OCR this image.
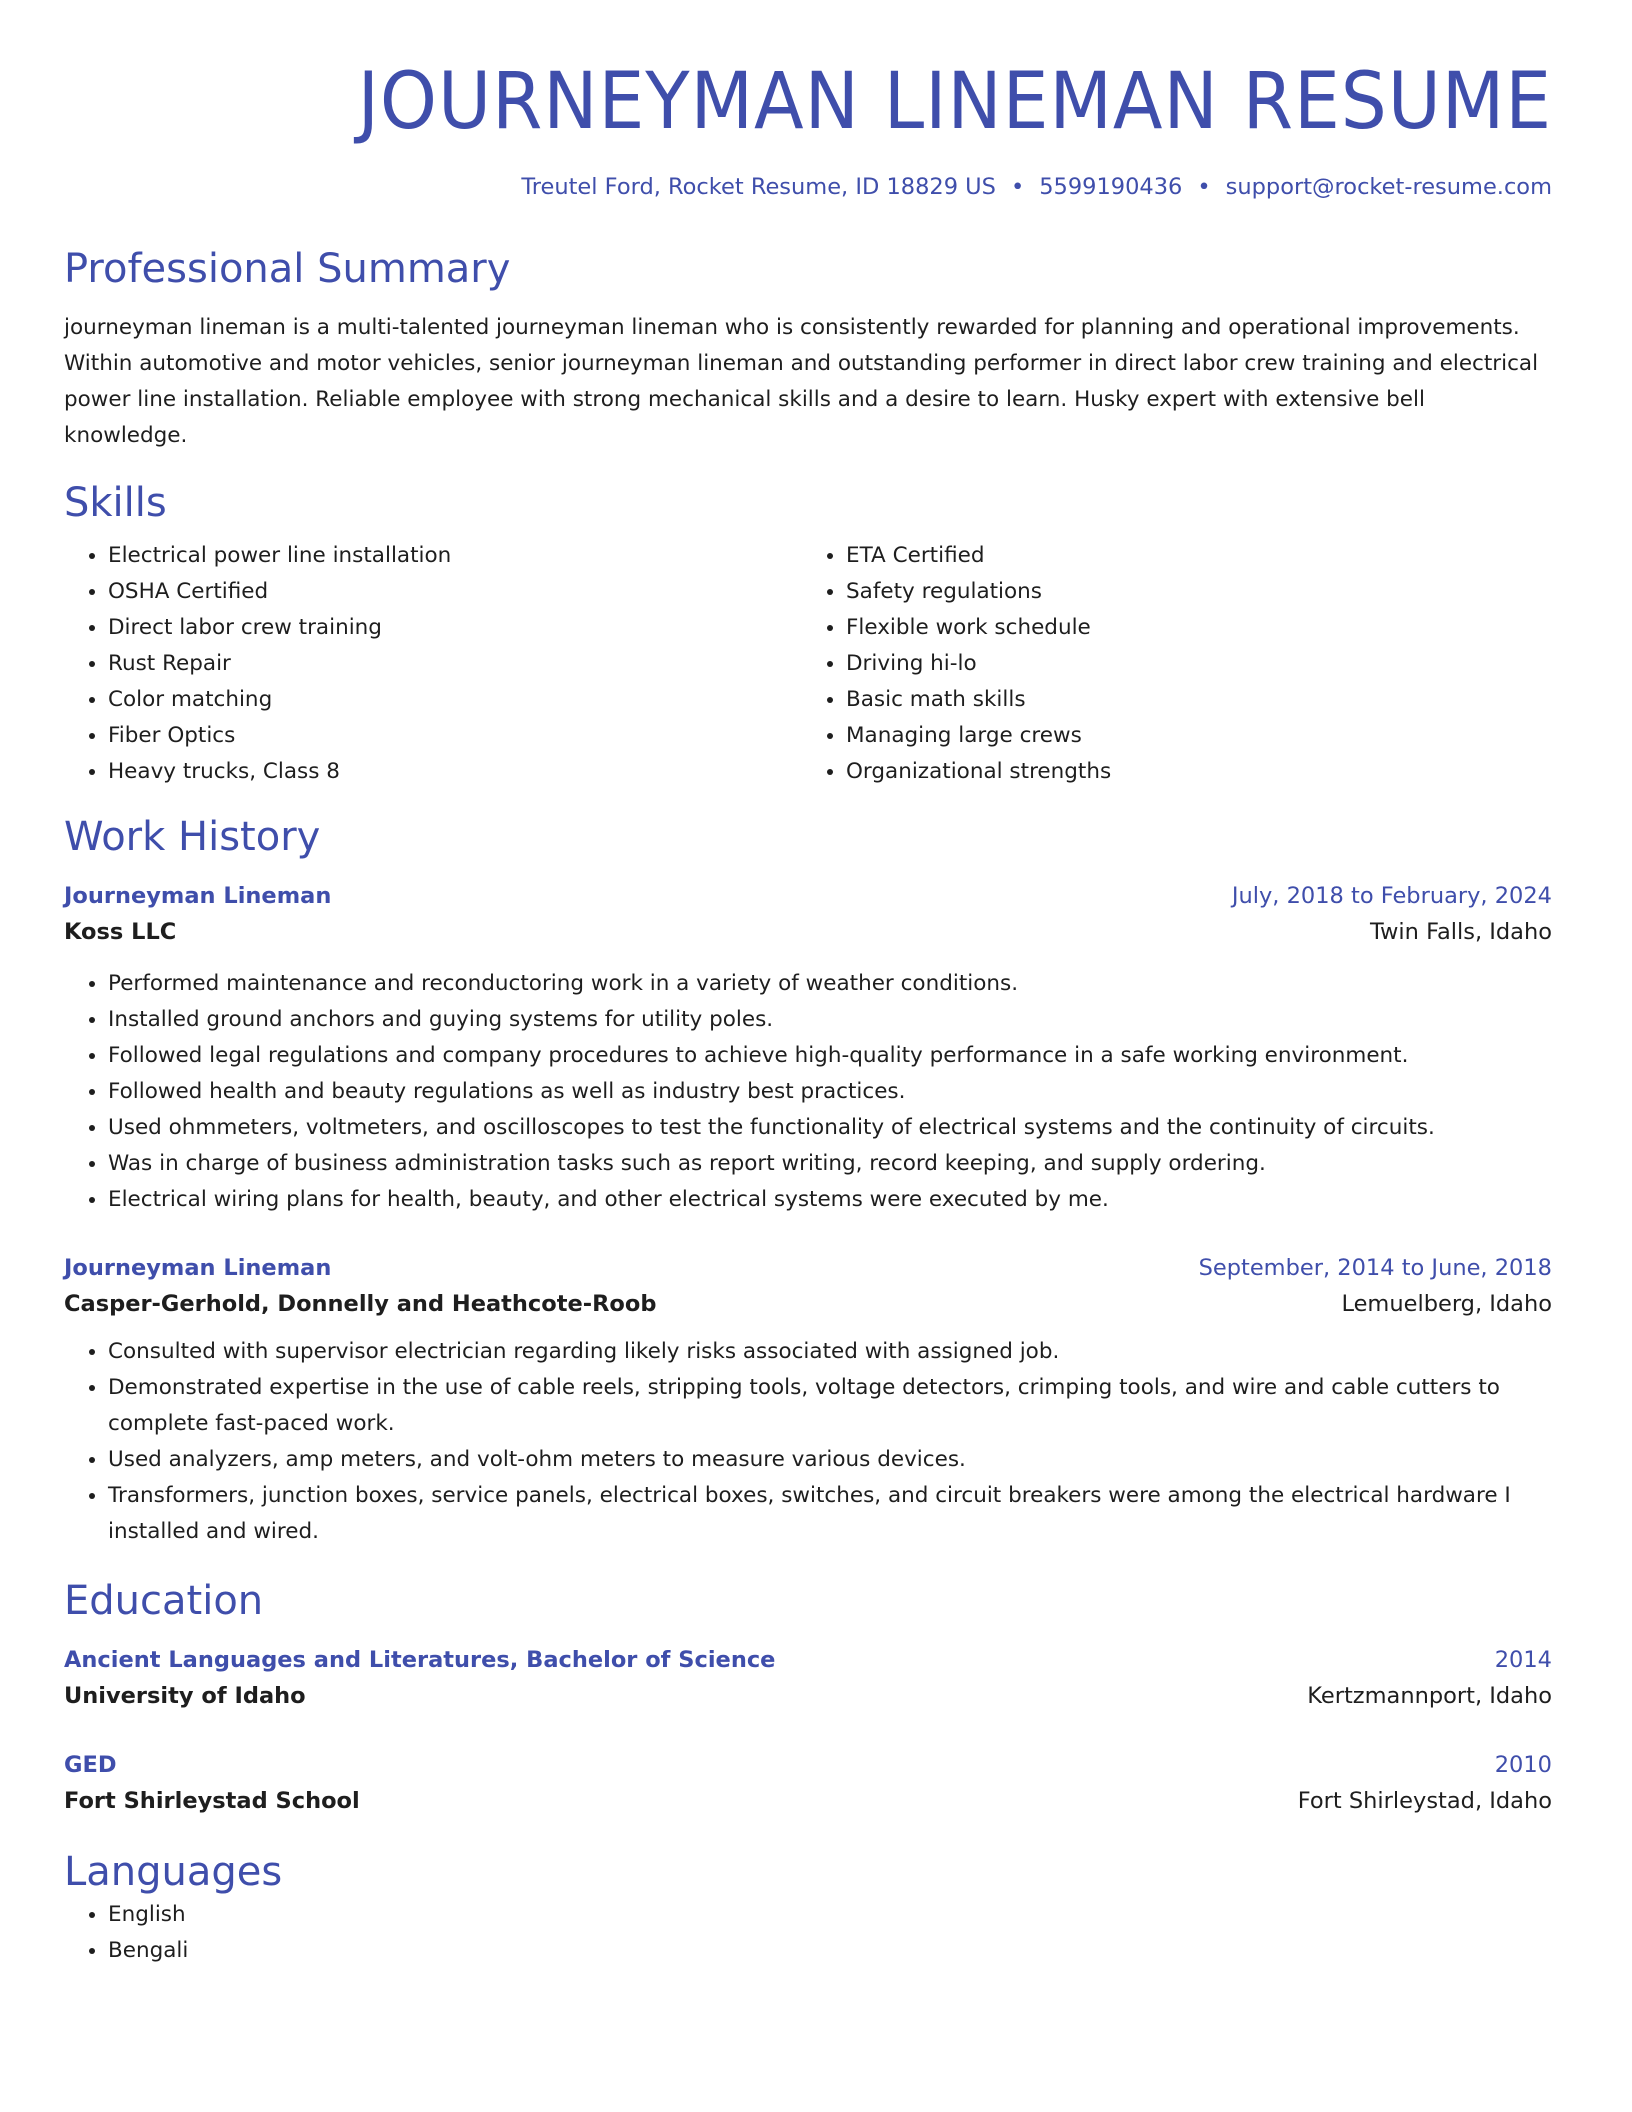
JOURNEYMAN LINEMAN RESUME
Treutel Ford, Rocket Resume, ID 18829 US • 5599190436 • support@rocket-resume.com
Professional Summary

journeyman lineman is a multi-talented journeyman lineman who is consistently rewarded for planning and operational improvements. Within automotive and motor vehicles, senior journeyman lineman and outstanding performer in direct labor crew training and electrical power line installation. Reliable employee with strong mechanical skills and a desire to learn. Husky expert with extensive bell knowledge.

Skills
• Electrical power line installation
• OSHA Certified
• Direct labor crew training
• Rust Repair
• Color matching
• Fiber Optics
• Heavy trucks, Class 8
• ETA Certified
• Safety regulations
• Flexible work schedule
• Driving hi-lo
• Basic math skills
• Managing large crews
• Organizational strengths
Work History
Journeyman Lineman	July, 2018 to February, 2024
Koss LLC	Twin Falls, Idaho
• Performed maintenance and reconductoring work in a variety of weather conditions.
• Installed ground anchors and guying systems for utility poles.
• Followed legal regulations and company procedures to achieve high-quality performance in a safe working environment.
• Followed health and beauty regulations as well as industry best practices.
• Used ohmmeters, voltmeters, and oscilloscopes to test the functionality of electrical systems and the continuity of circuits.
• Was in charge of business administration tasks such as report writing, record keeping, and supply ordering.
• Electrical wiring plans for health, beauty, and other electrical systems were executed by me.
Journeyman Lineman	September, 2014 to June, 2018
Casper-Gerhold, Donnelly and Heathcote-Roob	Lemuelberg, Idaho
• Consulted with supervisor electrician regarding likely risks associated with assigned job.
• Demonstrated expertise in the use of cable reels, stripping tools, voltage detectors, crimping tools, and wire and cable cutters to complete fast-paced work.
• Used analyzers, amp meters, and volt-ohm meters to measure various devices.
• Transformers, junction boxes, service panels, electrical boxes, switches, and circuit breakers were among the electrical hardware I installed and wired.
Education
Ancient Languages and Literatures, Bachelor of Science	2014
University of Idaho	Kertzmannport, Idaho
GED	2010
Fort Shirleystad School	Fort Shirleystad, Idaho
Languages
• English
• Bengali
